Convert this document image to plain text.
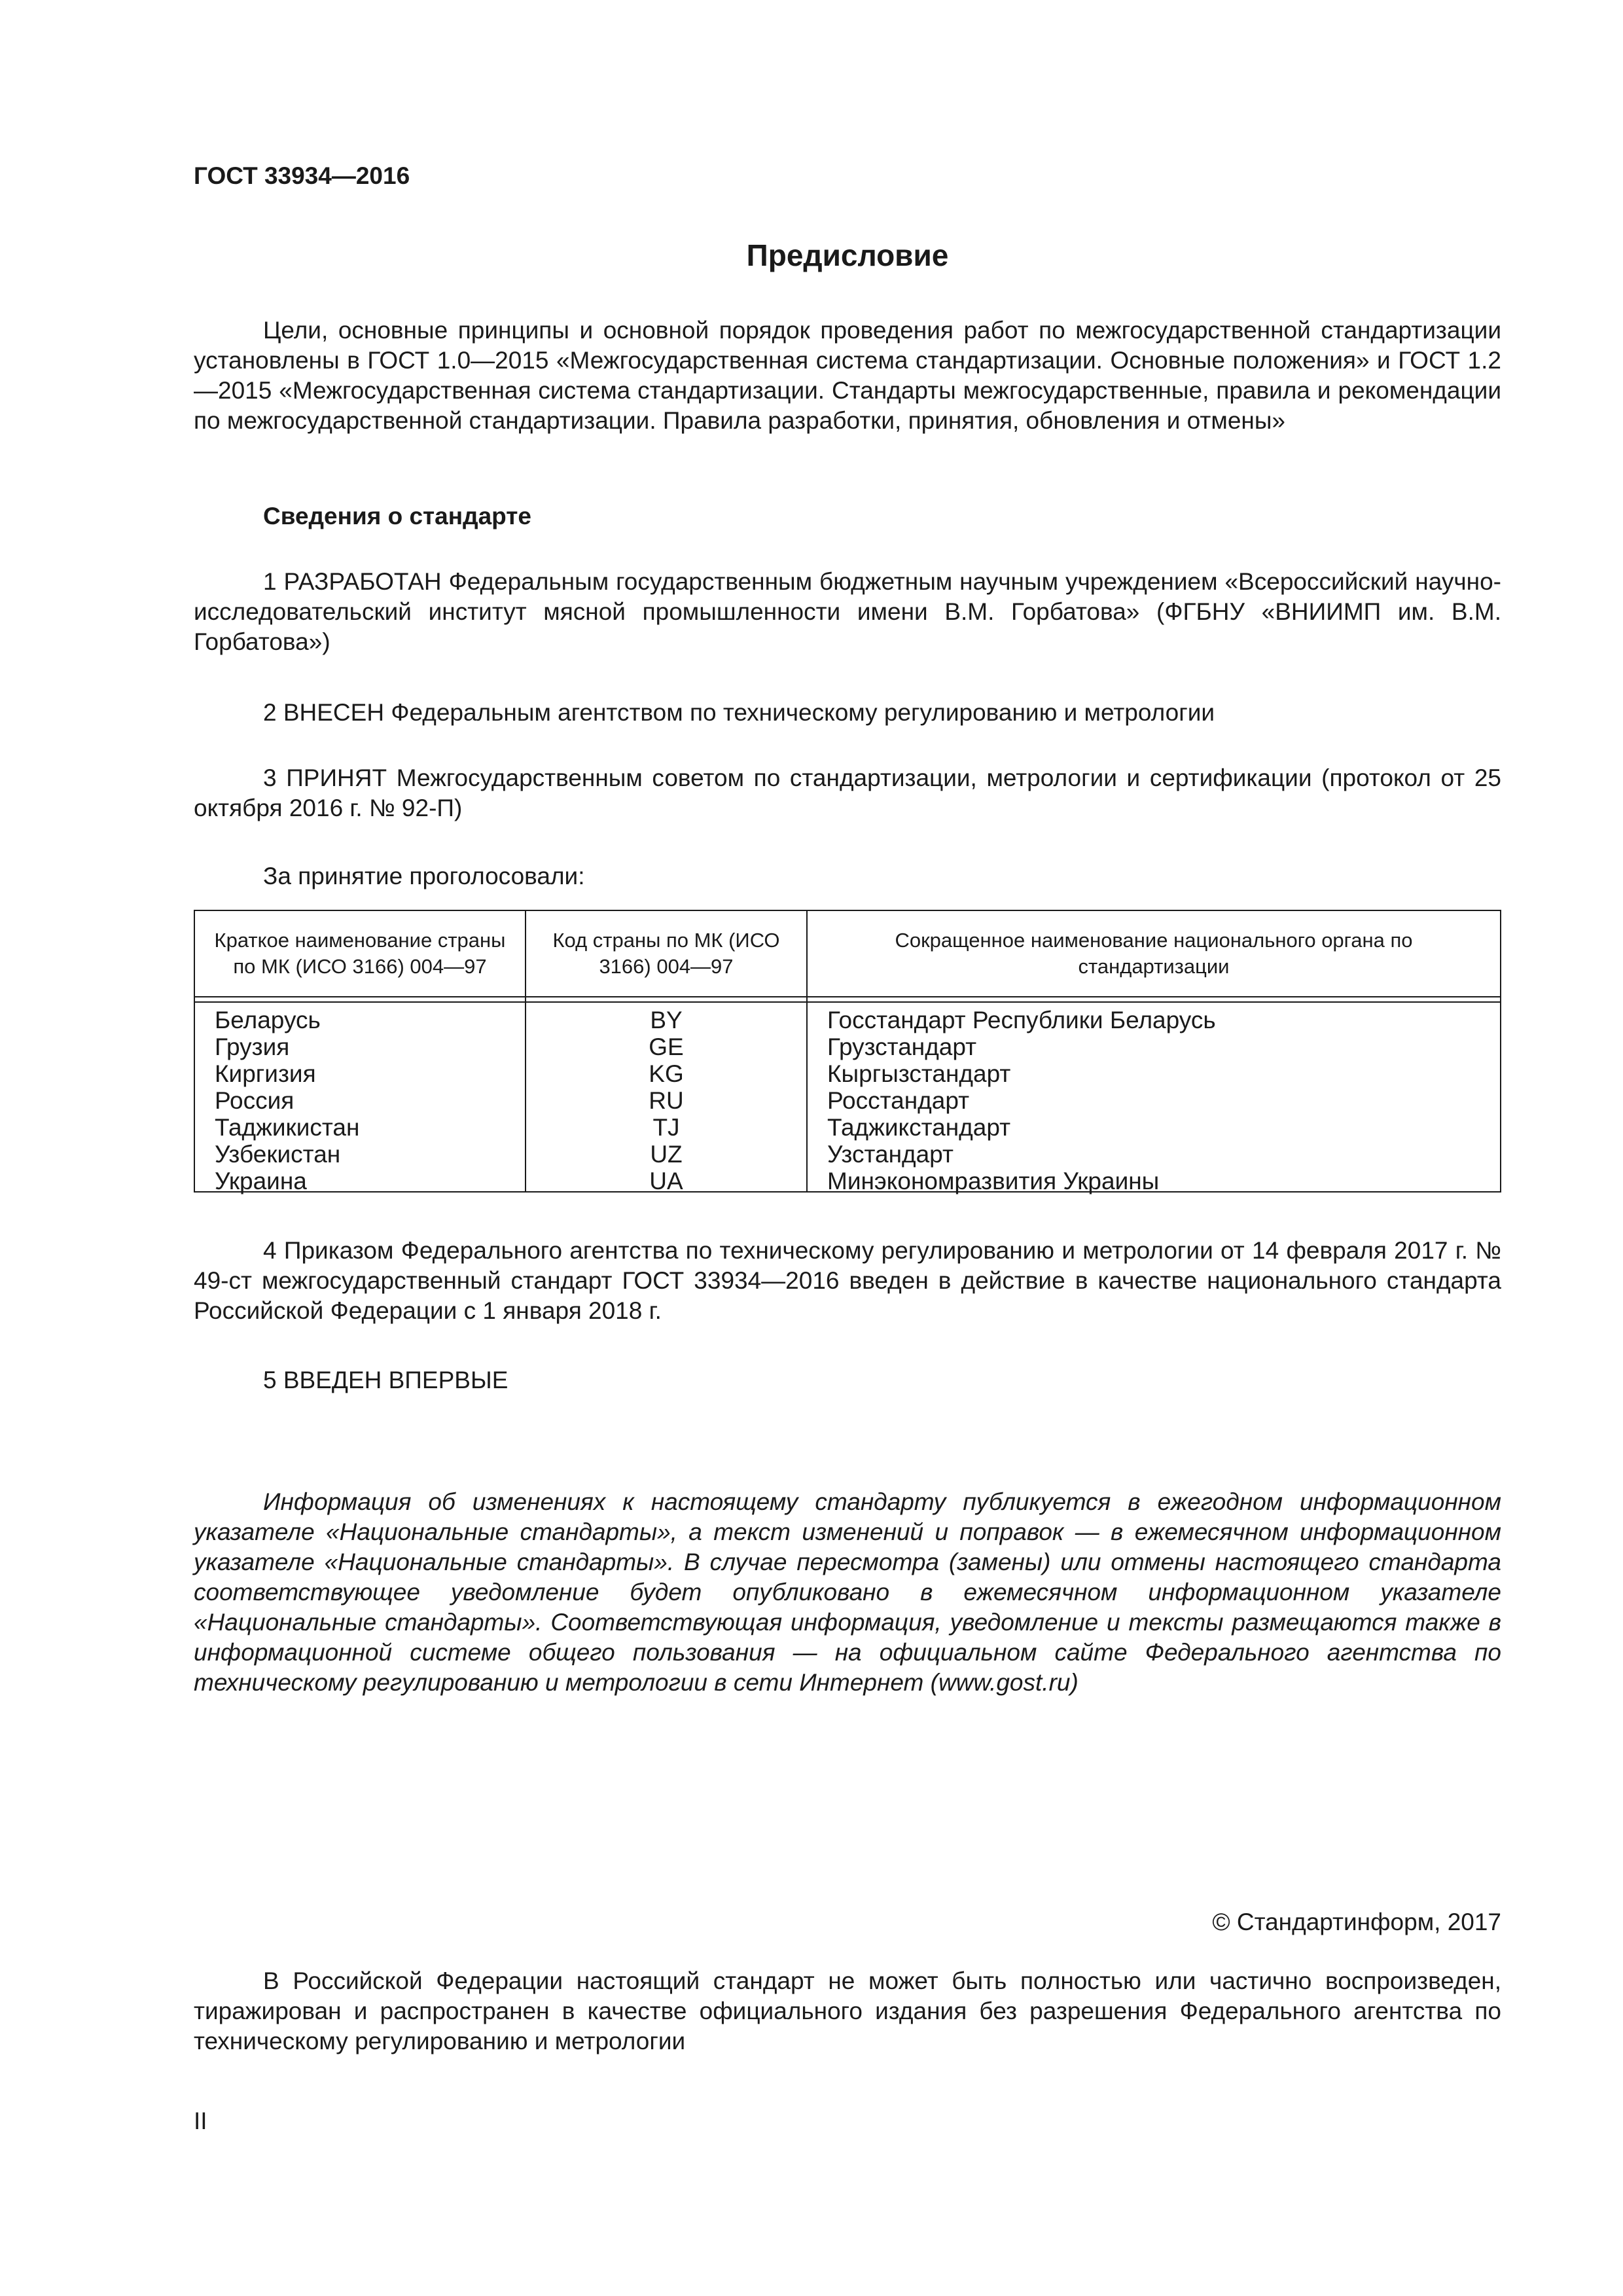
ГОСТ 33934—2016
Предисловие

Цели, основные принципы и основной порядок проведения работ по межгосударственной стандартизации установлены в ГОСТ 1.0—2015 «Межгосударственная система стандартизации. Основные положения» и ГОСТ 1.2—2015 «Межгосударственная система стандартизации. Стандарты межгосударственные, правила и рекомендации по межгосударственной стандартизации. Правила разработки, принятия, обновления и отмены»

Сведения о стандарте

1 РАЗРАБОТАН Федеральным государственным бюджетным научным учреждением «Всероссийский научно-исследовательский институт мясной промышленности имени В.М. Горбатова» (ФГБНУ «ВНИИМП им. В.М. Горбатова»)

2 ВНЕСЕН Федеральным агентством по техническому регулированию и метрологии

3 ПРИНЯТ Межгосударственным советом по стандартизации, метрологии и сертификации (протокол от 25 октября 2016 г. № 92-П)

За принятие проголосовали:
Краткое наименование страны по МК (ИСО 3166) 004—97
Беларусь
Грузия
Киргизия
Россия
Таджикистан
Узбекистан
Украина
Код страны по МК (ИСО 3166) 004—97
BY
GE
KG
RU
TJ
UZ
UA
Сокращенное наименование национального органа по стандартизации
Госстандарт Республики Беларусь
Грузстандарт
Кыргызстандарт
Росстандарт
Таджикстандарт
Узстандарт
Минэкономразвития Украины

4 Приказом Федерального агентства по техническому регулированию и метрологии от 14 февраля 2017 г. № 49-ст межгосударственный стандарт ГОСТ 33934—2016 введен в действие в качестве национального стандарта Российской Федерации с 1 января 2018 г.

5 ВВЕДЕН ВПЕРВЫЕ

Информация об изменениях к настоящему стандарту публикуется в ежегодном информационном указателе «Национальные стандарты», а текст изменений и поправок — в ежемесячном информационном указателе «Национальные стандарты». В случае пересмотра (замены) или отмены настоящего стандарта соответствующее уведомление будет опубликовано в ежемесячном информационном указателе «Национальные стандарты». Соответствующая информация, уведомление и тексты размещаются также в информационной системе общего пользования — на официальном сайте Федерального агентства по техническому регулированию и метрологии в сети Интернет (www.gost.ru)

© Стандартинформ, 2017

В Российской Федерации настоящий стандарт не может быть полностью или частично воспроизведен, тиражирован и распространен в качестве официального издания без разрешения Федерального агентства по техническому регулированию и метрологии

II
